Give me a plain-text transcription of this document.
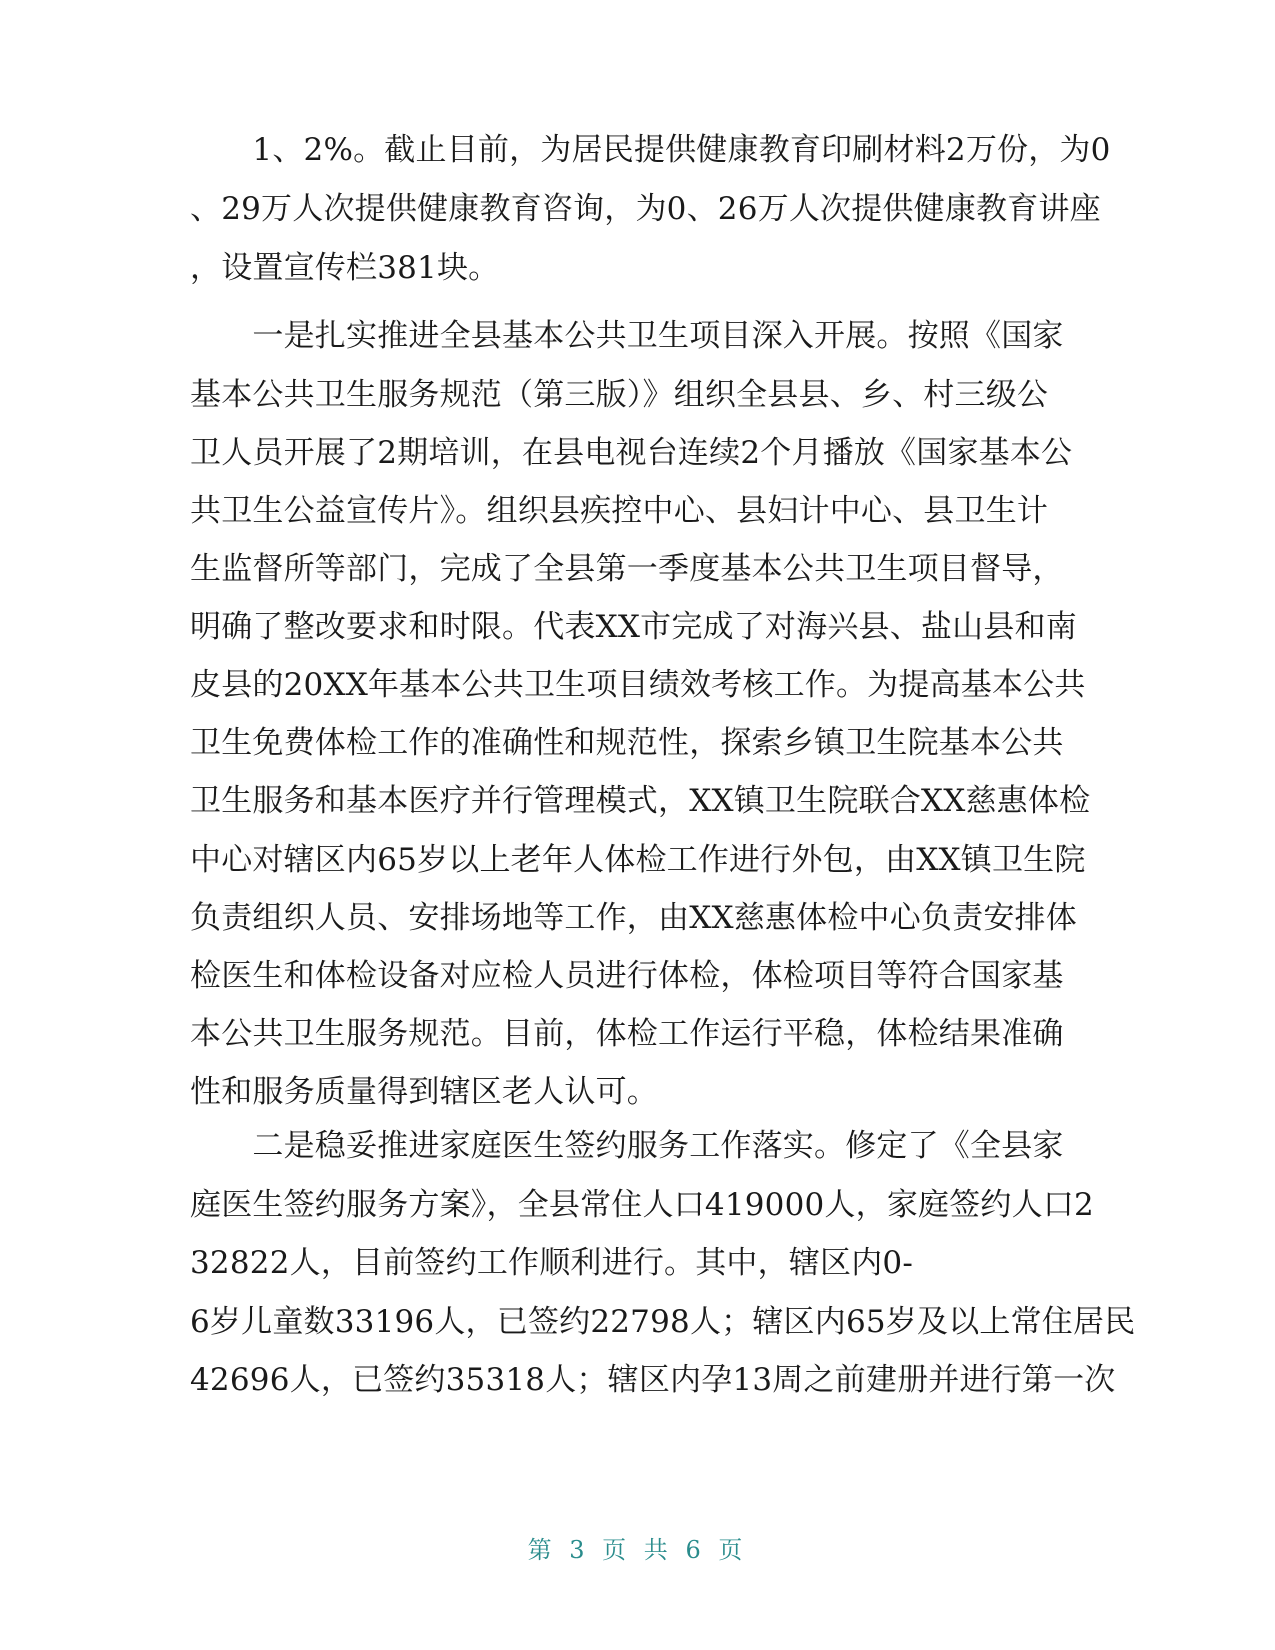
　　1、2%。截止目前，为居民提供健康教育印刷材料2万份，为0
、29万人次提供健康教育咨询，为0、26万人次提供健康教育讲座
，设置宣传栏381块。
　　一是扎实推进全县基本公共卫生项目深入开展。按照《国家
基本公共卫生服务规范（第三版）》组织全县县、乡、村三级公
卫人员开展了2期培训，在县电视台连续2个月播放《国家基本公
共卫生公益宣传片》。组织县疾控中心、县妇计中心、县卫生计
生监督所等部门，完成了全县第一季度基本公共卫生项目督导，
明确了整改要求和时限。代表XX市完成了对海兴县、盐山县和南
皮县的20XX年基本公共卫生项目绩效考核工作。为提高基本公共
卫生免费体检工作的准确性和规范性，探索乡镇卫生院基本公共
卫生服务和基本医疗并行管理模式，XX镇卫生院联合XX慈惠体检
中心对辖区内65岁以上老年人体检工作进行外包，由XX镇卫生院
负责组织人员、安排场地等工作，由XX慈惠体检中心负责安排体
检医生和体检设备对应检人员进行体检，体检项目等符合国家基
本公共卫生服务规范。目前，体检工作运行平稳，体检结果准确
性和服务质量得到辖区老人认可。
　　二是稳妥推进家庭医生签约服务工作落实。修定了《全县家
庭医生签约服务方案》，全县常住人口419000人，家庭签约人口2
32822人，目前签约工作顺利进行。其中，辖区内0-
6岁儿童数33196人，已签约22798人；辖区内65岁及以上常住居民
42696人，已签约35318人；辖区内孕13周之前建册并进行第一次
第 3 页 共 6 页
